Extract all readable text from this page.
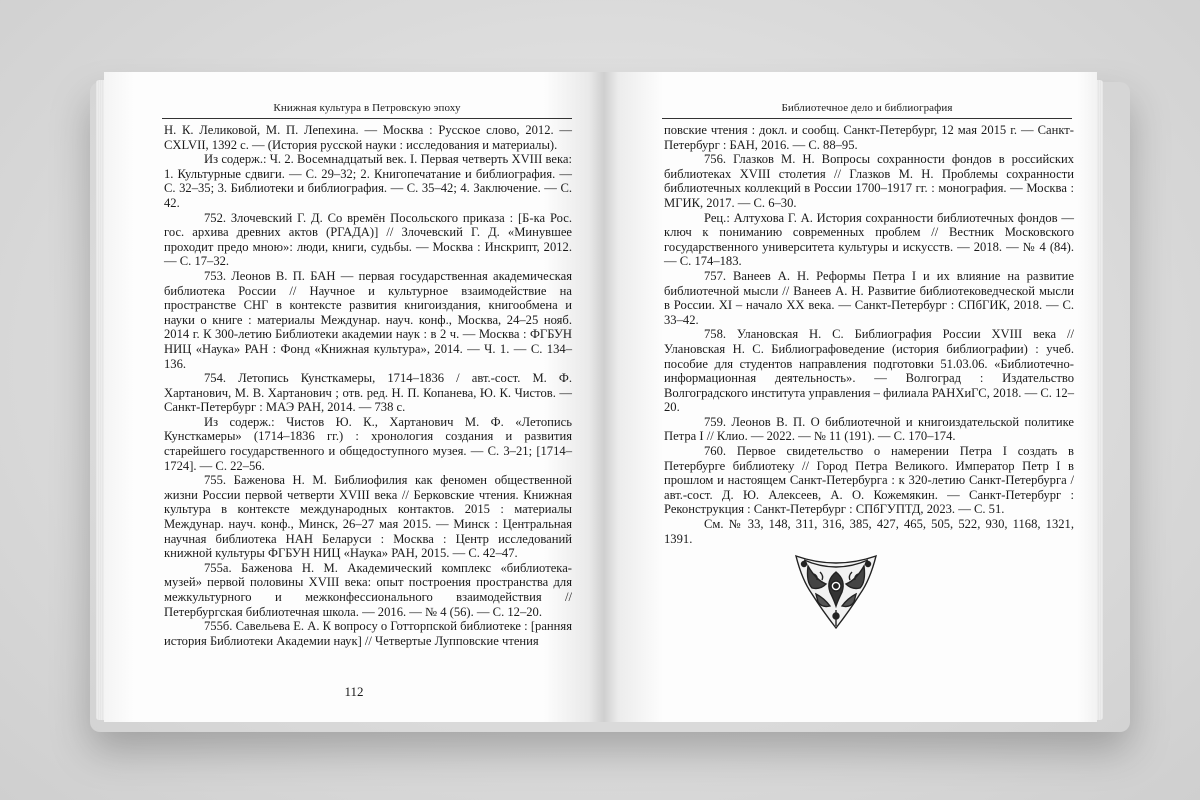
Книжная культура в Петровскую эпоху

Н. К. Леликовой, М. П. Лепехина. — Москва : Русское слово, 2012. — CXLVII, 1392 с. — (История русской науки : исследования и материалы).

Из содерж.: Ч. 2. Восемнадцатый век. I. Первая четверть XVIII века: 1. Культурные сдвиги. — С. 29–32; 2. Книгопечатание и библиография. — С. 32–35; 3. Библиотеки и библиография. — С. 35–42; 4. Заключение. — С. 42.

752. Злочевский Г. Д. Со времён Посольского приказа : [Б-ка Рос. гос. архива древних актов (РГАДА)] // Злочевский Г. Д. «Минувшее проходит предо мною»: люди, книги, судьбы. — Москва : Инскрипт, 2012. — С. 17–32.

753. Леонов В. П. БАН — первая государственная академическая библиотека России // Научное и культурное взаимодействие на пространстве СНГ в контексте развития книгоиздания, книгообмена и науки о книге : материалы Междунар. науч. конф., Москва, 24–25 нояб. 2014 г. К 300-летию Библиотеки академии наук : в 2 ч. — Москва : ФГБУН НИЦ «Наука» РАН : Фонд «Книжная культура», 2014. — Ч. 1. — С. 134–136.

754. Летопись Кунсткамеры, 1714–1836 / авт.-сост. М. Ф. Хартанович, М. В. Хартанович ; отв. ред. Н. П. Копанева, Ю. К. Чистов. — Санкт-Петербург : МАЭ РАН, 2014. — 738 с.

Из содерж.: Чистов Ю. К., Хартанович М. Ф. «Летопись Кунсткамеры» (1714–1836 гг.) : хронология создания и развития старейшего государственного и общедоступного музея. — С. 3–21; [1714–1724]. — С. 22–56.

755. Баженова Н. М. Библиофилия как феномен общественной жизни России первой четверти XVIII века // Берковские чтения. Книжная культура в контексте международных контактов. 2015 : материалы Междунар. науч. конф., Минск, 26–27 мая 2015. — Минск : Центральная научная библиотека НАН Беларуси : Москва : Центр исследований книжной культуры ФГБУН НИЦ «Наука» РАН, 2015. — С. 42–47.

755а. Баженова Н. М. Академический комплекс «библиотека-музей» первой половины XVIII века: опыт построения пространства для межкультурного и межконфессионального взаимодействия // Петербургская библиотечная школа. — 2016. — № 4 (56). — С. 12–20.

755б. Савельева Е. А. К вопросу о Готторпской библиотеке : [ранняя история Библиотеки Академии наук] // Четвертые Лупповские чтения

112
Библиотечное дело и библиография

повские чтения : докл. и сообщ. Санкт-Петербург, 12 мая 2015 г. — Санкт-Петербург : БАН, 2016. — С. 88–95.

756. Глазков М. Н. Вопросы сохранности фондов в российских библиотеках XVIII столетия // Глазков М. Н. Проблемы сохранности библиотечных коллекций в России 1700–1917 гг. : монография. — Москва : МГИК, 2017. — С. 6–30.

Рец.: Алтухова Г. А. История сохранности библиотечных фондов — ключ к пониманию современных проблем // Вестник Московского государственного университета культуры и искусств. — 2018. — № 4 (84). — С. 174–183.

757. Ванеев А. Н. Реформы Петра I и их влияние на развитие библиотечной мысли // Ванеев А. Н. Развитие библиотековедческой мысли в России. XI – начало XX века. — Санкт-Петербург : СПбГИК, 2018. — С. 33–42.

758. Улановская Н. С. Библиография России XVIII века // Улановская Н. С. Библиографоведение (история библиографии) : учеб. пособие для студентов направления подготовки 51.03.06. «Библиотечно-информационная деятельность». — Волгоград : Издательство Волгоградского института управления – филиала РАНХиГС, 2018. — С. 12–20.

759. Леонов В. П. О библиотечной и книгоиздательской политике Петра I // Клио. — 2022. — № 11 (191). — С. 170–174.

760. Первое свидетельство о намерении Петра I создать в Петербурге библиотеку // Город Петра Великого. Император Петр I в прошлом и настоящем Санкт-Петербурга : к 320-летию Санкт-Петербурга / авт.-сост. Д. Ю. Алексеев, А. О. Кожемякин. — Санкт-Петербург : Реконструкция : Санкт-Петербург : СПбГУПТД, 2023. — С. 51.

См. № 33, 148, 311, 316, 385, 427, 465, 505, 522, 930, 1168, 1321, 1391.
